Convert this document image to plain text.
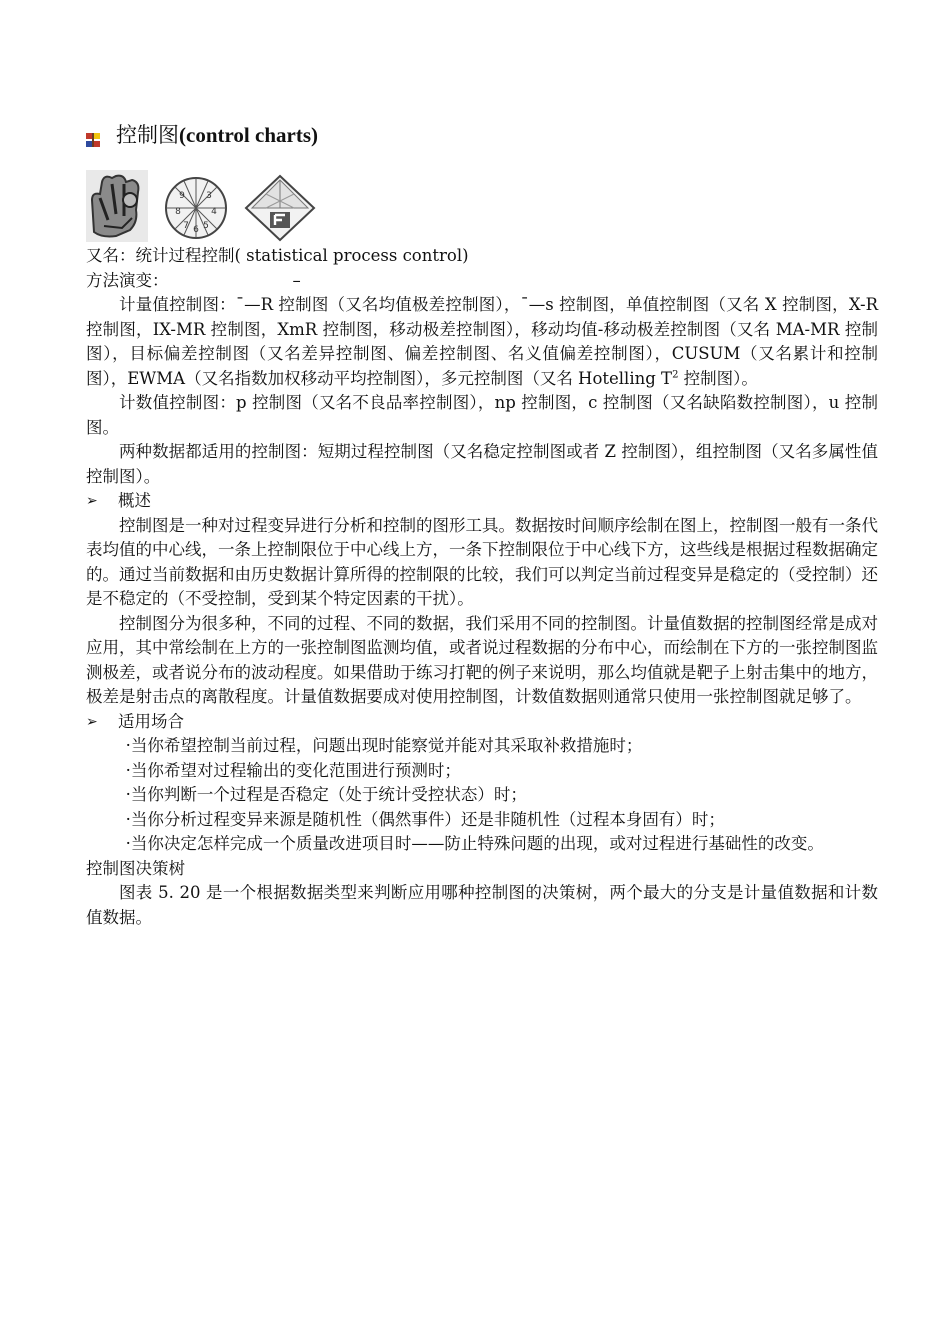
控制图(control charts)
9 3
8	4
7 6 5

又名：统计过程控制( statistical process control)

方法演变：	–

计量值控制图：¯—R 控制图（又名均值极差控制图），¯—s 控制图，单值控制图（又名 X 控制图，X-R 控制图，IX-MR 控制图，XmR 控制图，移动极差控制图），移动均值-移动极差控制图（又名 MA-MR 控制图），目标偏差控制图（又名差异控制图、偏差控制图、名义值偏差控制图），CUSUM（又名累计和控制图），EWMA（又名指数加权移动平均控制图），多元控制图（又名 Hotelling $T^2$ 控制图）。

计数值控制图：p 控制图（又名不良品率控制图），np 控制图，c 控制图（又名缺陷数控制图），u 控制图。

两种数据都适用的控制图：短期过程控制图（又名稳定控制图或者 Z 控制图），组控制图（又名多属性值控制图）。

➢	概述

控制图是一种对过程变异进行分析和控制的图形工具。数据按时间顺序绘制在图上，控制图一般有一条代表均值的中心线，一条上控制限位于中心线上方，一条下控制限位于中心线下方，这些线是根据过程数据确定的。通过当前数据和由历史数据计算所得的控制限的比较，我们可以判定当前过程变异是稳定的（受控制）还是不稳定的（不受控制，受到某个特定因素的干扰）。

控制图分为很多种，不同的过程、不同的数据，我们采用不同的控制图。计量值数据的控制图经常是成对应用，其中常绘制在上方的一张控制图监测均值，或者说过程数据的分布中心，而绘制在下方的一张控制图监测极差，或者说分布的波动程度。如果借助于练习打靶的例子来说明，那么均值就是靶子上射击集中的地方，极差是射击点的离散程度。计量值数据要成对使用控制图，计数值数据则通常只使用一张控制图就足够了。

➢	适用场合

·当你希望控制当前过程，问题出现时能察觉并能对其采取补救措施时；

·当你希望对过程输出的变化范围进行预测时；

·当你判断一个过程是否稳定（处于统计受控状态）时；

·当你分析过程变异来源是随机性（偶然事件）还是非随机性（过程本身固有）时；

·当你决定怎样完成一个质量改进项目时——防止特殊问题的出现，或对过程进行基础性的改变。

控制图决策树

图表 5. 20 是一个根据数据类型来判断应用哪种控制图的决策树，两个最大的分支是计量值数据和计数值数据。
